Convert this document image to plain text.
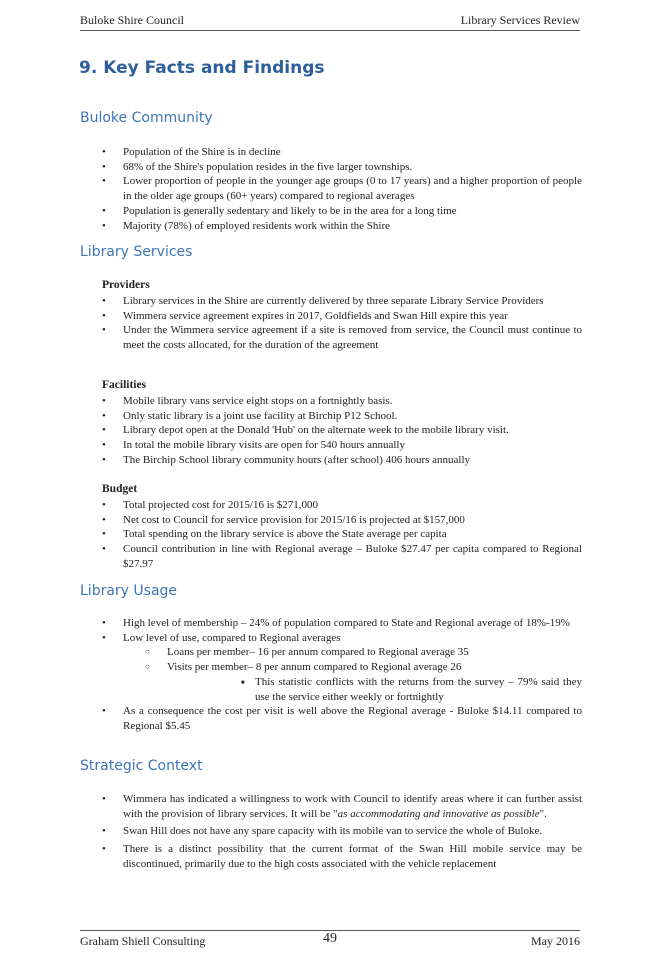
Buloke Shire Council	Library Services Review
9. Key Facts and Findings
Buloke Community
• Population of the Shire is in decline
• 68% of the Shire's population resides in the five larger townships.
• Lower proportion of people in the younger age groups (0 to 17 years) and a higher proportion of people in the older age groups (60+ years) compared to regional averages
• Population is generally sedentary and likely to be in the area for a long time
• Majority (78%) of employed residents work within the Shire
Library Services
Providers
• Library services in the Shire are currently delivered by three separate Library Service Providers
• Wimmera service agreement expires in 2017, Goldfields and Swan Hill expire this year
• Under the Wimmera service agreement if a site is removed from service, the Council must continue to meet the costs allocated, for the duration of the agreement
Facilities
• Mobile library vans service eight stops on a fortnightly basis.
• Only static library is a joint use facility at Birchip P12 School.
• Library depot open at the Donald 'Hub' on the alternate week to the mobile library visit.
• In total the mobile library visits are open for 540 hours annually
• The Birchip School library community hours (after school) 406 hours annually
Budget
• Total projected cost for 2015/16 is $271,000
• Net cost to Council for service provision for 2015/16 is projected at $157,000
• Total spending on the library service is above the State average per capita
• Council contribution in line with Regional average – Buloke $27.47 per capita compared to Regional $27.97
Library Usage
• High level of membership – 24% of population compared to State and Regional average of 18%-19%
• Low level of use, compared to Regional averages
○ Loans per member– 16 per annum compared to Regional average 35
○ Visits per member– 8 per annum compared to Regional average 26
■ This statistic conflicts with the returns from the survey – 79% said they use the service either weekly or fortnightly
• As a consequence the cost per visit is well above the Regional average - Buloke $14.11 compared to Regional $5.45
Strategic Context
• Wimmera has indicated a willingness to work with Council to identify areas where it can further assist with the provision of library services. It will be "as accommodating and innovative as possible".
• Swan Hill does not have any spare capacity with its mobile van to service the whole of Buloke.
• There is a distinct possibility that the current format of the Swan Hill mobile service may be discontinued, primarily due to the high costs associated with the vehicle replacement
Graham Shiell Consulting	49	May 2016
